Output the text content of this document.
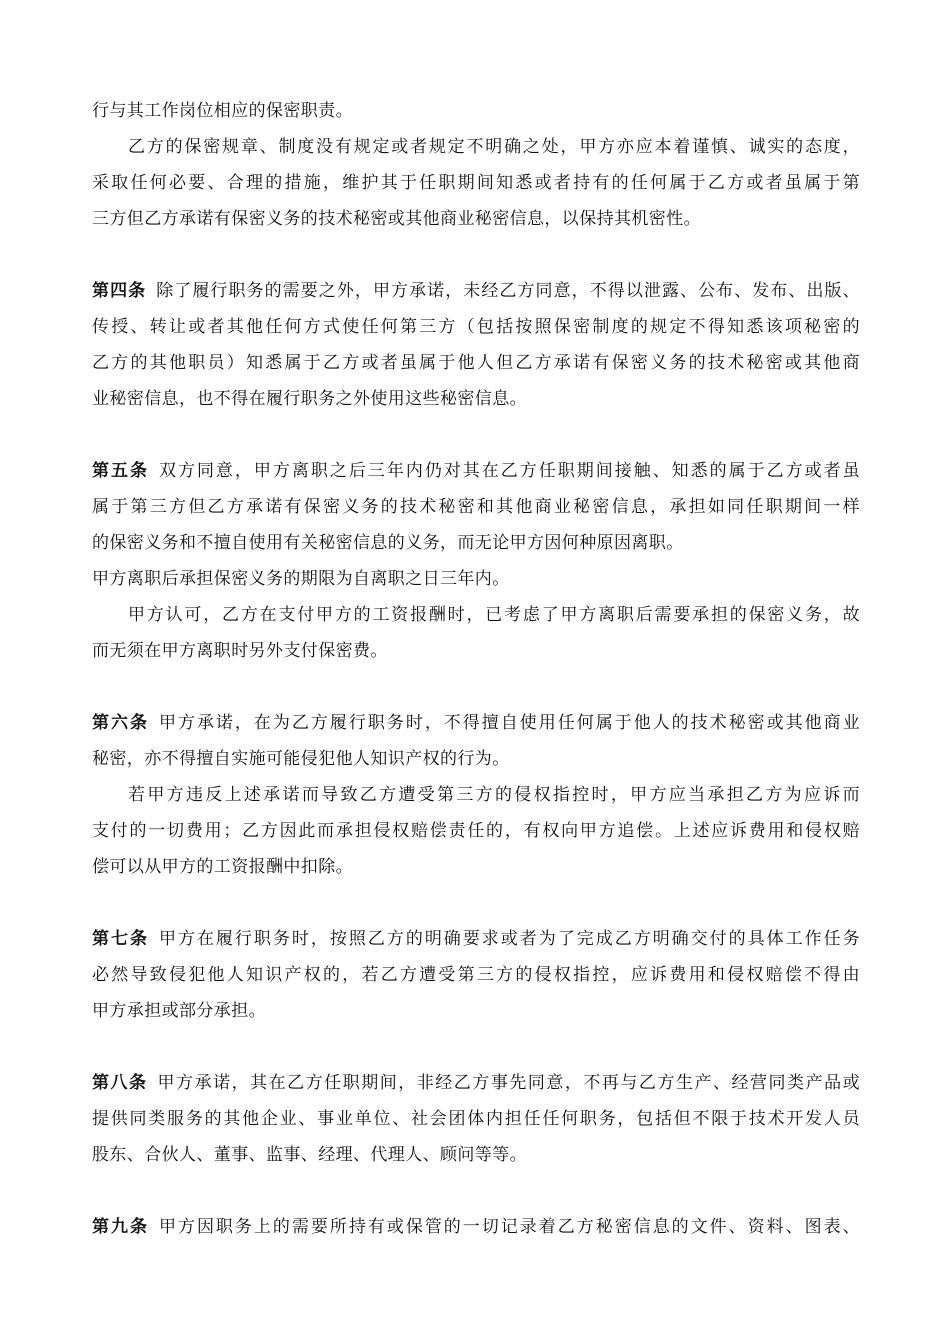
行与其工作岗位相应的保密职责。
乙方的保密规章、制度没有规定或者规定不明确之处，甲方亦应本着谨慎、诚实的态度，
采取任何必要、合理的措施，维护其于任职期间知悉或者持有的任何属于乙方或者虽属于第
三方但乙方承诺有保密义务的技术秘密或其他商业秘密信息，以保持其机密性。
第四条 除了履行职务的需要之外，甲方承诺，未经乙方同意，不得以泄露、公布、发布、出版、
传授、转让或者其他任何方式使任何第三方（包括按照保密制度的规定不得知悉该项秘密的
乙方的其他职员）知悉属于乙方或者虽属于他人但乙方承诺有保密义务的技术秘密或其他商
业秘密信息，也不得在履行职务之外使用这些秘密信息。
第五条 双方同意，甲方离职之后三年内仍对其在乙方任职期间接触、知悉的属于乙方或者虽
属于第三方但乙方承诺有保密义务的技术秘密和其他商业秘密信息，承担如同任职期间一样
的保密义务和不擅自使用有关秘密信息的义务，而无论甲方因何种原因离职。
甲方离职后承担保密义务的期限为自离职之日三年内。
甲方认可，乙方在支付甲方的工资报酬时，已考虑了甲方离职后需要承担的保密义务，故
而无须在甲方离职时另外支付保密费。
第六条 甲方承诺，在为乙方履行职务时，不得擅自使用任何属于他人的技术秘密或其他商业
秘密，亦不得擅自实施可能侵犯他人知识产权的行为。
若甲方违反上述承诺而导致乙方遭受第三方的侵权指控时，甲方应当承担乙方为应诉而
支付的一切费用；乙方因此而承担侵权赔偿责任的，有权向甲方追偿。上述应诉费用和侵权赔
偿可以从甲方的工资报酬中扣除。
第七条 甲方在履行职务时，按照乙方的明确要求或者为了完成乙方明确交付的具体工作任务
必然导致侵犯他人知识产权的，若乙方遭受第三方的侵权指控，应诉费用和侵权赔偿不得由
甲方承担或部分承担。
第八条 甲方承诺，其在乙方任职期间，非经乙方事先同意，不再与乙方生产、经营同类产品或
提供同类服务的其他企业、事业单位、社会团体内担任任何职务，包括但不限于技术开发人员
股东、合伙人、董事、监事、经理、代理人、顾问等等。
第九条 甲方因职务上的需要所持有或保管的一切记录着乙方秘密信息的文件、资料、图表、
